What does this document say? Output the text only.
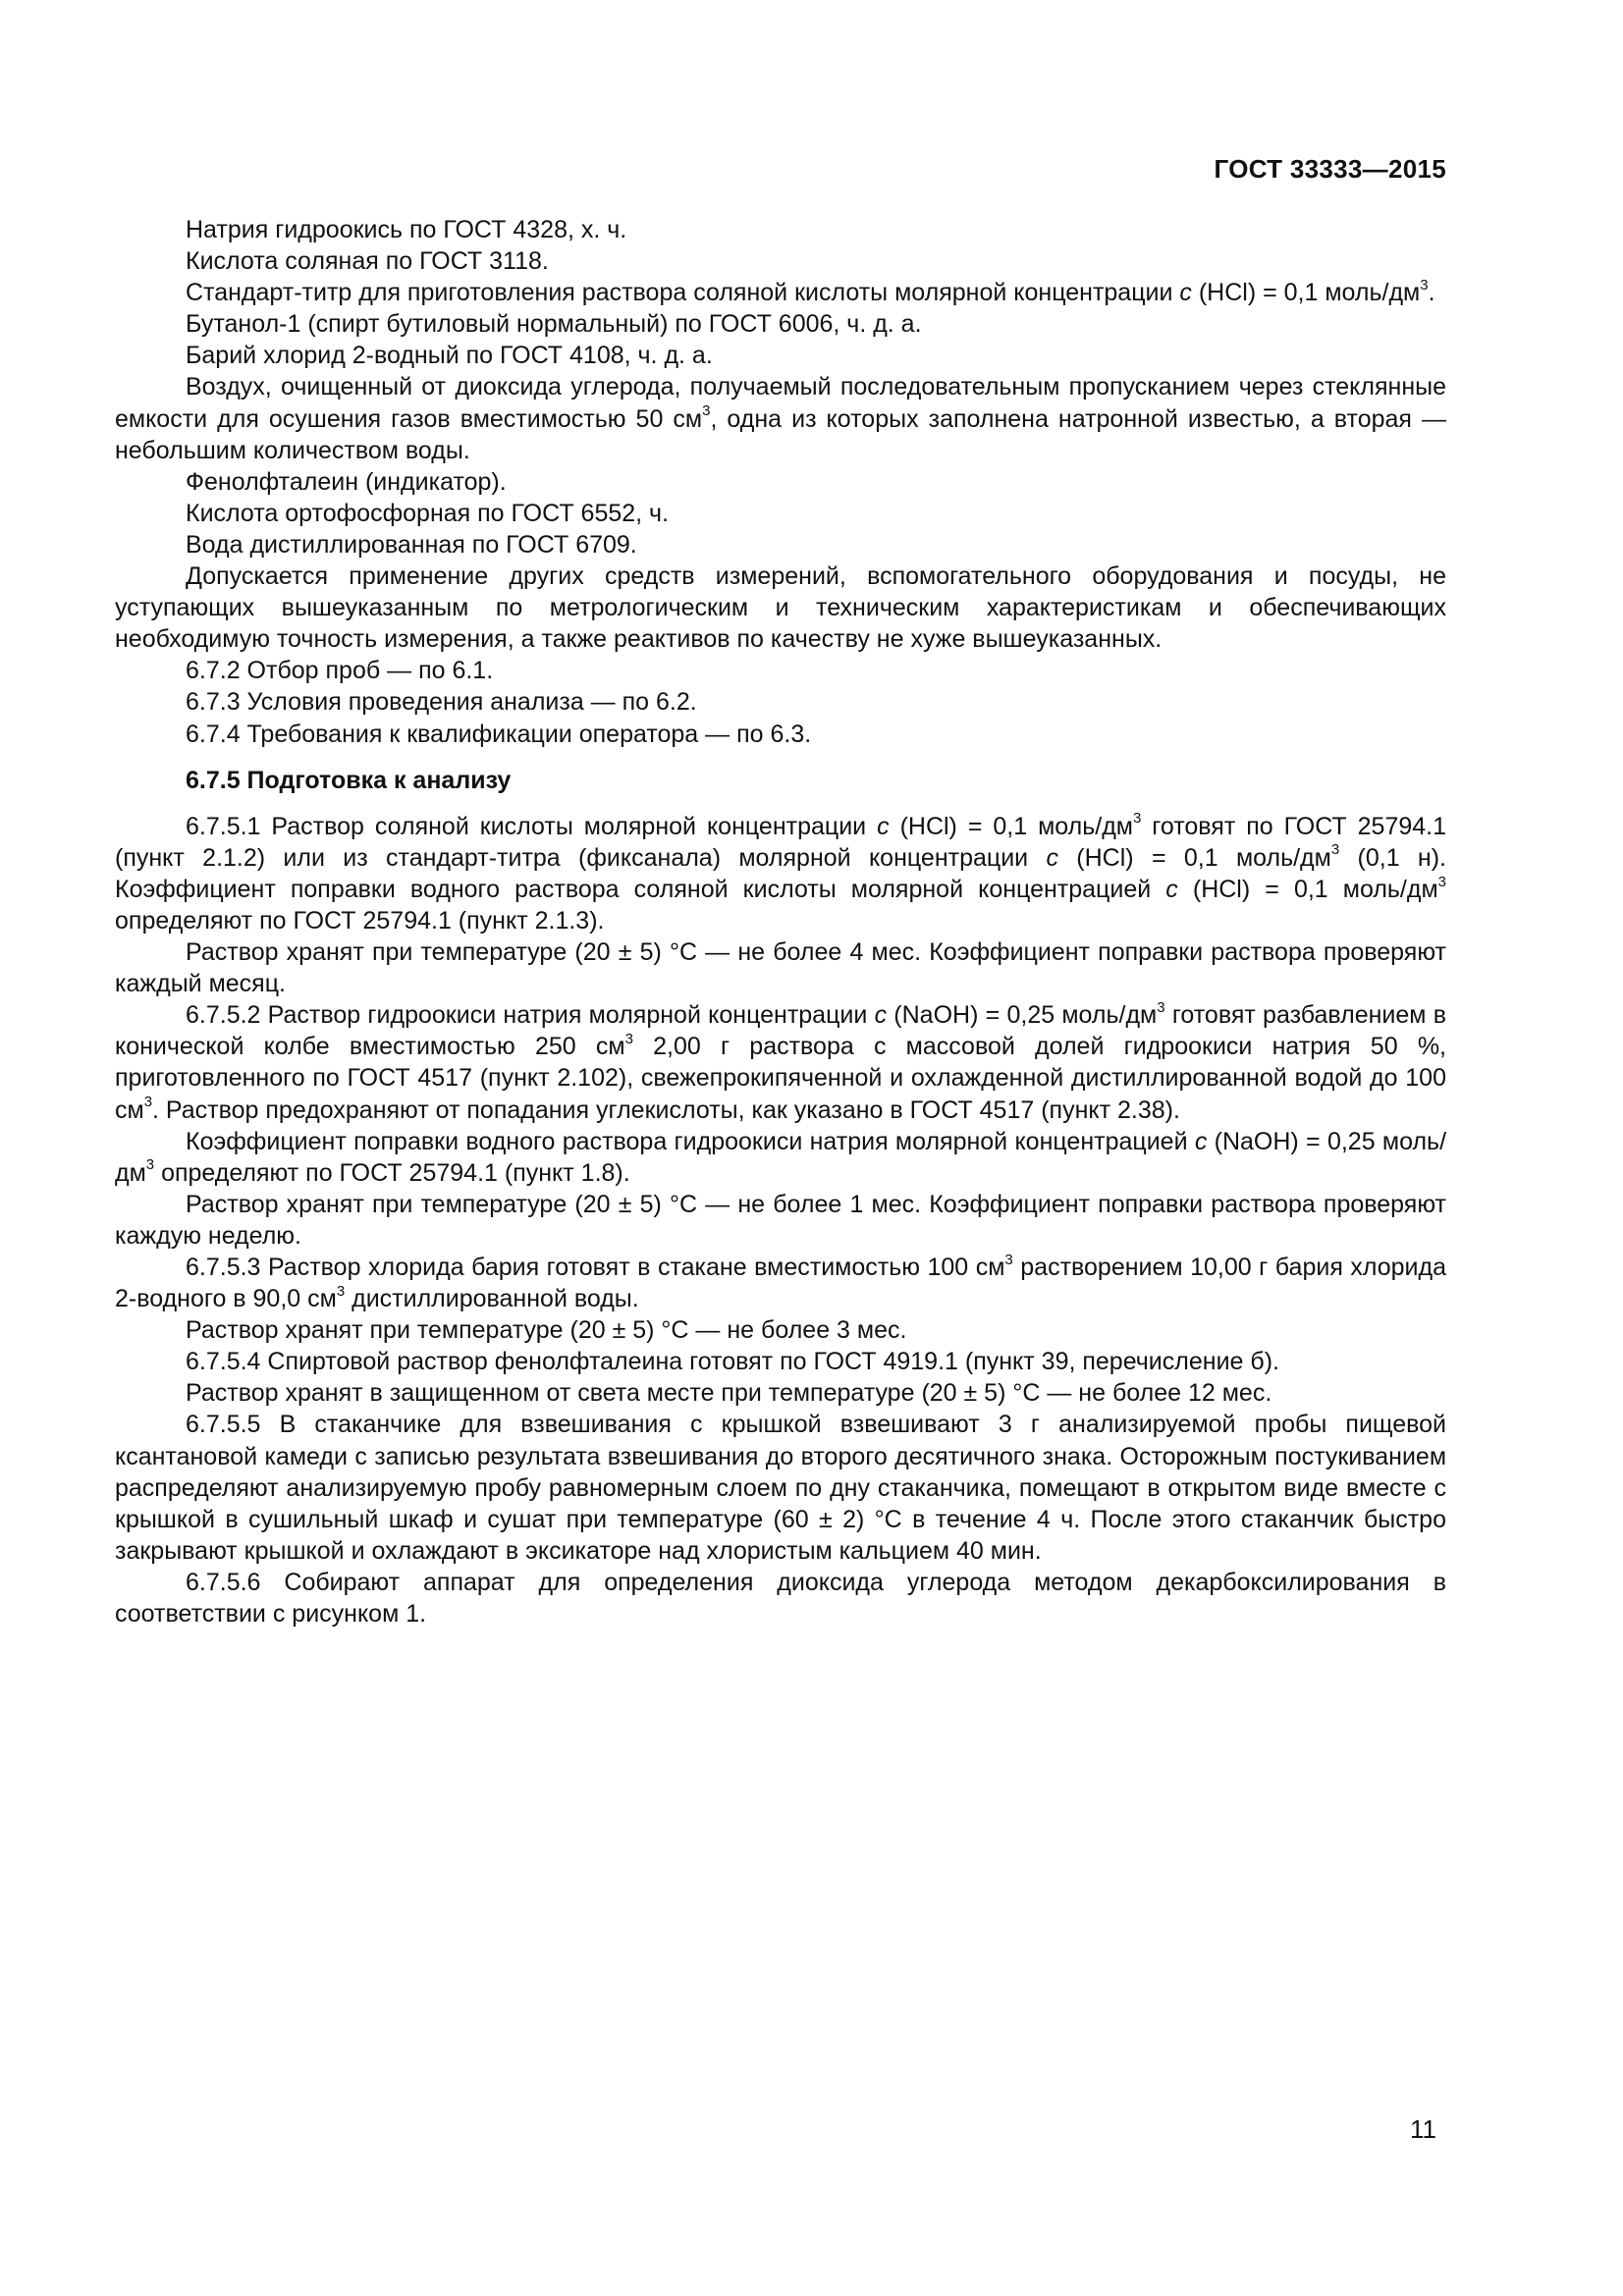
ГОСТ 33333—2015

Натрия гидроокись по ГОСТ 4328, х. ч.

Кислота соляная по ГОСТ 3118.

Стандарт-титр для приготовления раствора соляной кислоты молярной концентрации c (HCl) = 0,1 моль/$дм^3$.

Бутанол-1 (спирт бутиловый нормальный) по ГОСТ 6006, ч. д. а.

Барий хлорид 2-водный по ГОСТ 4108, ч. д. а.

Воздух, очищенный от диоксида углерода, получаемый последовательным пропусканием через стеклянные емкости для осушения газов вместимостью 50 $см^3$, одна из которых заполнена натронной известью, а вторая — небольшим количеством воды.

Фенолфталеин (индикатор).

Кислота ортофосфорная по ГОСТ 6552, ч.

Вода дистиллированная по ГОСТ 6709.

Допускается применение других средств измерений, вспомогательного оборудования и посуды, не уступающих вышеуказанным по метрологическим и техническим характеристикам и обеспечивающих необходимую точность измерения, а также реактивов по качеству не хуже вышеуказанных.

6.7.2 Отбор проб — по 6.1.

6.7.3 Условия проведения анализа — по 6.2.

6.7.4 Требования к квалификации оператора — по 6.3.

6.7.5 Подготовка к анализу

6.7.5.1 Раствор соляной кислоты молярной концентрации c (HCl) = 0,1 моль/$дм^3$ готовят по ГОСТ 25794.1 (пункт 2.1.2) или из стандарт-титра (фиксанала) молярной концентрации c (HCl) = 0,1 моль/$дм^3$ (0,1 н). Коэффициент поправки водного раствора соляной кислоты молярной концентрацией c (HCl) = 0,1 моль/$дм^3$ определяют по ГОСТ 25794.1 (пункт 2.1.3).

Раствор хранят при температуре (20 ± 5) °С — не более 4 мес. Коэффициент поправки раствора проверяют каждый месяц.

6.7.5.2 Раствор гидроокиси натрия молярной концентрации c (NaOH) = 0,25 моль/$дм^3$ готовят разбавлением в конической колбе вместимостью 250 $см^3$ 2,00 г раствора с массовой долей гидроокиси натрия 50 %, приготовленного по ГОСТ 4517 (пункт 2.102), свежепрокипяченной и охлажденной дистиллированной водой до 100 $см^3$. Раствор предохраняют от попадания углекислоты, как указано в ГОСТ 4517 (пункт 2.38).

Коэффициент поправки водного раствора гидроокиси натрия молярной концентрацией c (NaOH) = 0,25 моль/$дм^3$ определяют по ГОСТ 25794.1 (пункт 1.8).

Раствор хранят при температуре (20 ± 5) °С — не более 1 мес. Коэффициент поправки раствора проверяют каждую неделю.

6.7.5.3 Раствор хлорида бария готовят в стакане вместимостью 100 $см^3$ растворением 10,00 г бария хлорида 2-водного в 90,0 $см^3$ дистиллированной воды.

Раствор хранят при температуре (20 ± 5) °С — не более 3 мес.

6.7.5.4 Спиртовой раствор фенолфталеина готовят по ГОСТ 4919.1 (пункт 39, перечисление б).

Раствор хранят в защищенном от света месте при температуре (20 ± 5) °С — не более 12 мес.

6.7.5.5 В стаканчике для взвешивания с крышкой взвешивают 3 г анализируемой пробы пищевой ксантановой камеди с записью результата взвешивания до второго десятичного знака. Осторожным постукиванием распределяют анализируемую пробу равномерным слоем по дну стаканчика, помещают в открытом виде вместе с крышкой в сушильный шкаф и сушат при температуре (60 ± 2) °С в течение 4 ч. После этого стаканчик быстро закрывают крышкой и охлаждают в эксикаторе над хлористым кальцием 40 мин.

6.7.5.6 Собирают аппарат для определения диоксида углерода методом декарбоксилирования в соответствии с рисунком 1.

11
